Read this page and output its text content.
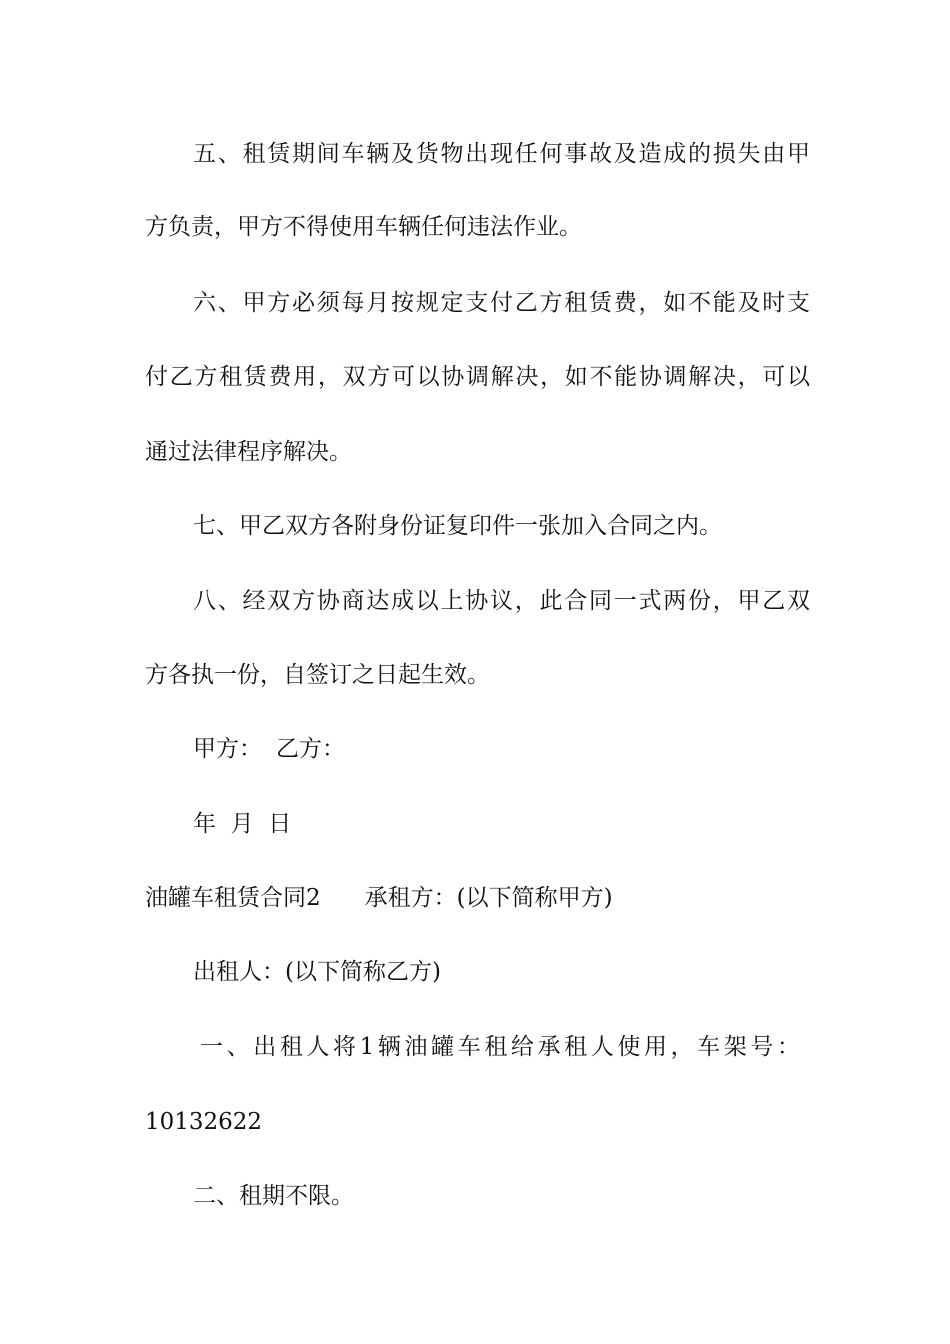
五、租赁期间车辆及货物出现任何事故及造成的损失由甲

方负责，甲方不得使用车辆任何违法作业。

六、甲方必须每月按规定支付乙方租赁费，如不能及时支

付乙方租赁费用，双方可以协调解决，如不能协调解决，可以

通过法律程序解决。

七、甲乙双方各附身份证复印件一张加入合同之内。

八、经双方协商达成以上协议，此合同一式两份，甲乙双

方各执一份，自签订之日起生效。

甲方： 乙方：

年  月  日

油罐车租赁合同2 承租方：(以下简称甲方)

出租人：(以下简称乙方)

一、出租人将1辆油罐车租给承租人使用，车架号：

10132622

二、租期不限。
